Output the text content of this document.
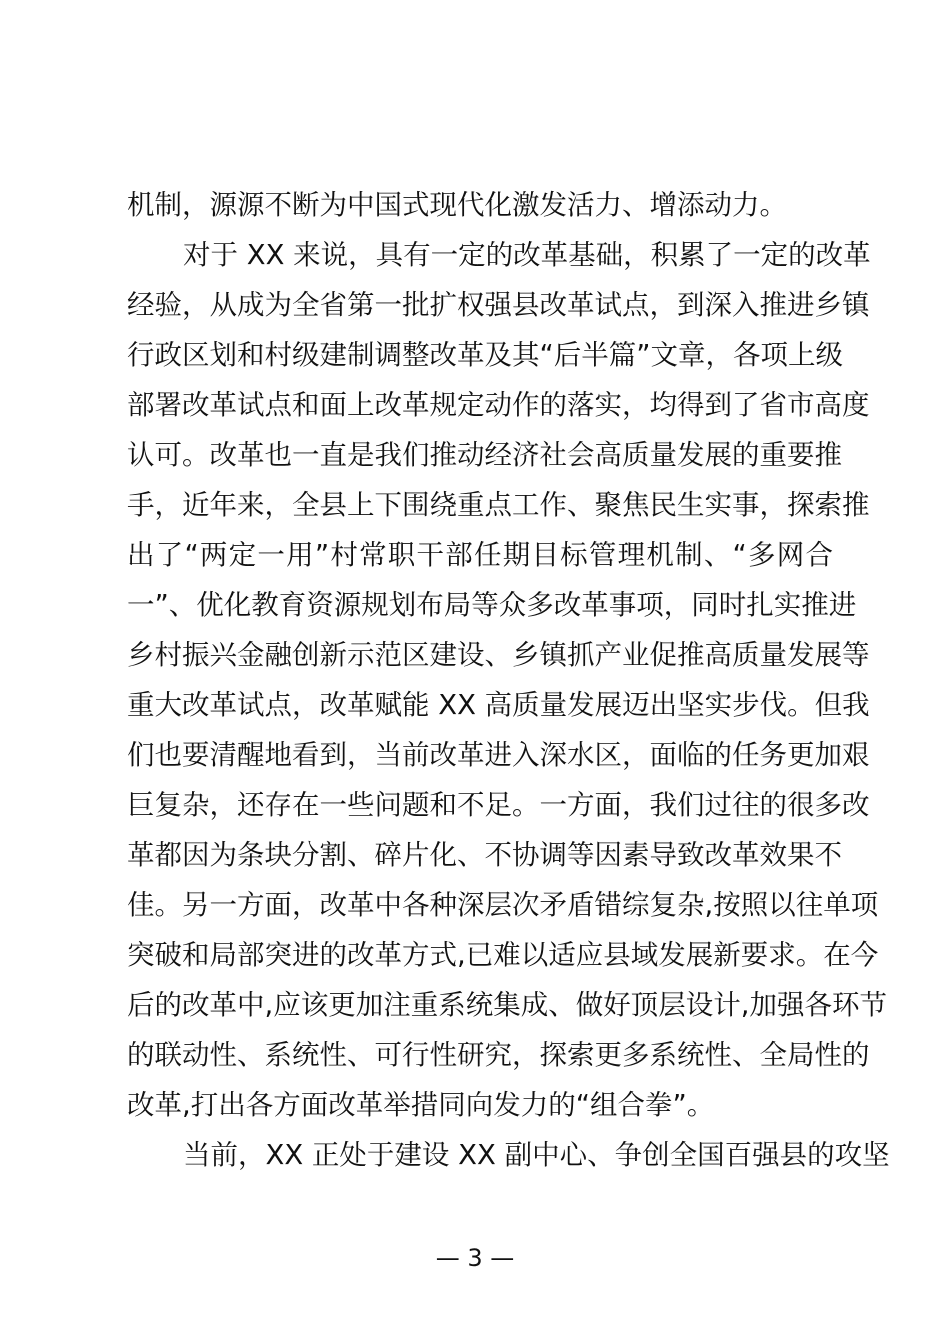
机制，源源不断为中国式现代化激发活力、增添动力。
对于 XX 来说，具有一定的改革基础，积累了一定的改革
经验，从成为全省第一批扩权强县改革试点，到深入推进乡镇
行政区划和村级建制调整改革及其“后半篇”文章，各项上级
部署改革试点和面上改革规定动作的落实，均得到了省市高度
认可。改革也一直是我们推动经济社会高质量发展的重要推
手，近年来，全县上下围绕重点工作、聚焦民生实事，探索推
出了“两定一用”村常职干部任期目标管理机制、“多网合
一”、优化教育资源规划布局等众多改革事项，同时扎实推进
乡村振兴金融创新示范区建设、乡镇抓产业促推高质量发展等
重大改革试点，改革赋能 XX 高质量发展迈出坚实步伐。但我
们也要清醒地看到，当前改革进入深水区，面临的任务更加艰
巨复杂，还存在一些问题和不足。一方面，我们过往的很多改
革都因为条块分割、碎片化、不协调等因素导致改革效果不
佳。另一方面，改革中各种深层次矛盾错综复杂,按照以往单项
突破和局部突进的改革方式,已难以适应县域发展新要求。在今
后的改革中,应该更加注重系统集成、做好顶层设计,加强各环节
的联动性、系统性、可行性研究，探索更多系统性、全局性的
改革,打出各方面改革举措同向发力的“组合拳”。
当前，XX 正处于建设 XX 副中心、争创全国百强县的攻坚
— 3 —
